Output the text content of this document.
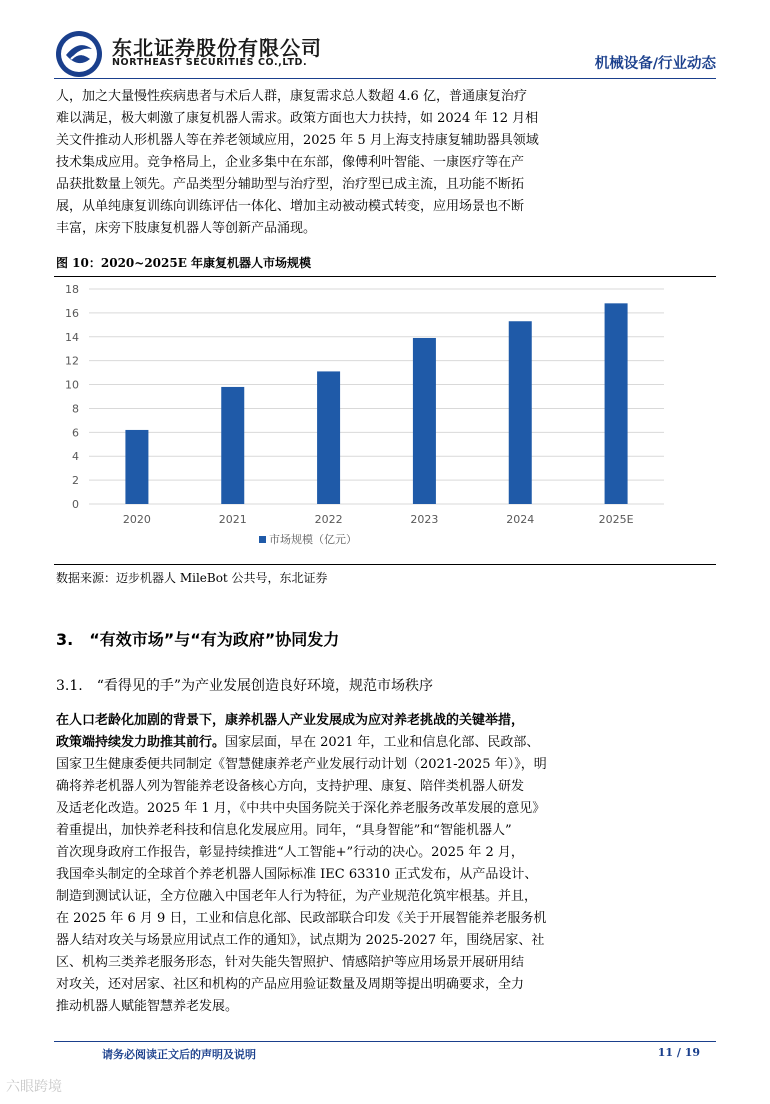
东北证券股份有限公司
NORTHEAST SECURITIES CO.,LTD.	机械设备/行业动态
人，加之大量慢性疾病患者与术后人群，康复需求总人数超 4.6 亿，普通康复治疗
难以满足，极大刺激了康复机器人需求。政策方面也大力扶持，如 2024 年 12 月相
关文件推动人形机器人等在养老领域应用，2025 年 5 月上海支持康复辅助器具领域
技术集成应用。竞争格局上，企业多集中在东部，像傅利叶智能、一康医疗等在产
品获批数量上领先。产品类型分辅助型与治疗型，治疗型已成主流，且功能不断拓
展，从单纯康复训练向训练评估一体化、增加主动被动模式转变，应用场景也不断
丰富，床旁下肢康复机器人等创新产品涌现。
图 10：2020~2025E 年康复机器人市场规模
0
2
4
6
8
10
12
14
16
18
2020	2021	2022	2023	2024	2025E
市场规模（亿元）
数据来源：迈步机器人 MileBot 公共号，东北证券
3.　“有效市场”与“有为政府”协同发力
3.1.　“看得见的手”为产业发展创造良好环境，规范市场秩序
在人口老龄化加剧的背景下，康养机器人产业发展成为应对养老挑战的关键举措，
政策端持续发力助推其前行。国家层面，早在 2021 年，工业和信息化部、民政部、
国家卫生健康委便共同制定《智慧健康养老产业发展行动计划（2021-2025 年）》，明
确将养老机器人列为智能养老设备核心方向，支持护理、康复、陪伴类机器人研发
及适老化改造。2025 年 1 月，《中共中央国务院关于深化养老服务改革发展的意见》
着重提出，加快养老科技和信息化发展应用。同年，“具身智能”和“智能机器人”
首次现身政府工作报告，彰显持续推进“人工智能+”行动的决心。2025 年 2 月，
我国牵头制定的全球首个养老机器人国际标准 IEC 63310 正式发布，从产品设计、
制造到测试认证，全方位融入中国老年人行为特征，为产业规范化筑牢根基。并且，
在 2025 年 6 月 9 日，工业和信息化部、民政部联合印发《关于开展智能养老服务机
器人结对攻关与场景应用试点工作的通知》，试点期为 2025-2027 年，围绕居家、社
区、机构三类养老服务形态，针对失能失智照护、情感陪护等应用场景开展研用结
对攻关，还对居家、社区和机构的产品应用验证数量及周期等提出明确要求，全力
推动机器人赋能智慧养老发展。
请务必阅读正文后的声明及说明	11 / 19
六眼跨境
